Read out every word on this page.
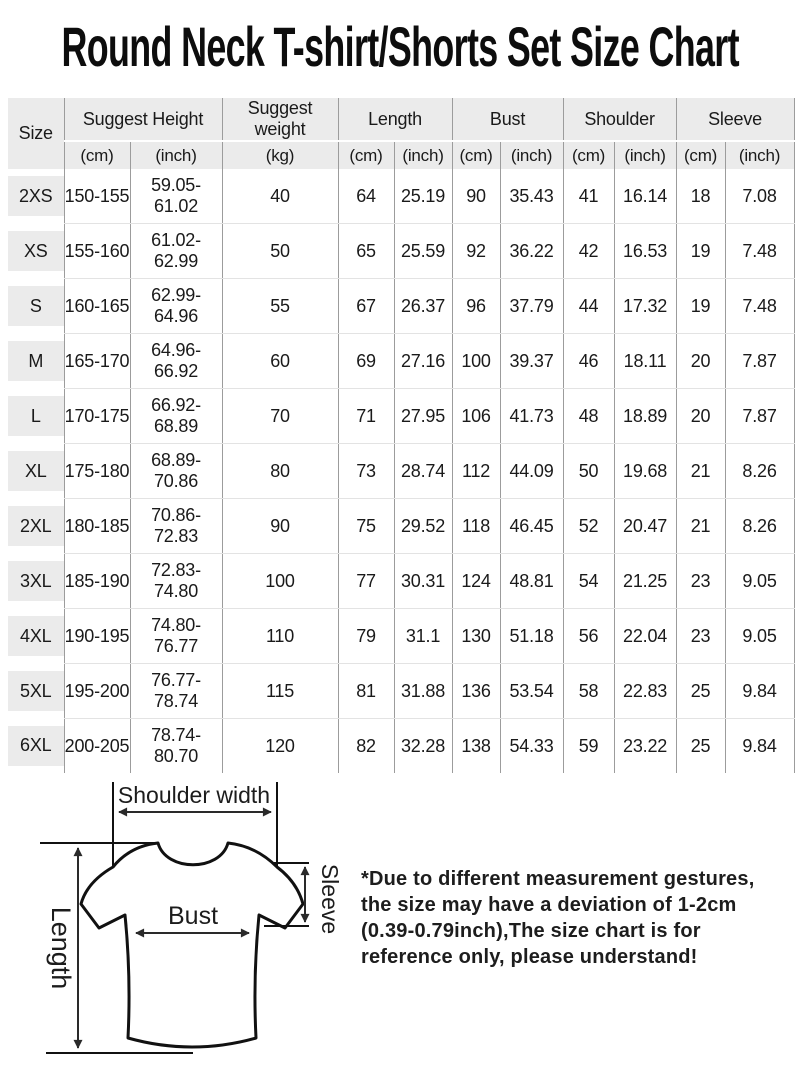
Round Neck T-shirt/Shorts Set Size Chart
Size	Suggest Height		Suggest weight	Length		Bust		Shoulder		Sleeve	
	(cm)	(inch)	(kg)	(cm)	(inch)	(cm)	(inch)	(cm)	(inch)	(cm)	(inch)

2XS	150-155	59.05-61.02	40	64	25.19	90	35.43	41	16.14	18	7.08

XS	155-160	61.02-62.99	50	65	25.59	92	36.22	42	16.53	19	7.48

S	160-165	62.99-64.96	55	67	26.37	96	37.79	44	17.32	19	7.48

M	165-170	64.96-66.92	60	69	27.16	100	39.37	46	18.11	20	7.87

L	170-175	66.92-68.89	70	71	27.95	106	41.73	48	18.89	20	7.87

XL	175-180	68.89-70.86	80	73	28.74	112	44.09	50	19.68	21	8.26

2XL	180-185	70.86-72.83	90	75	29.52	118	46.45	52	20.47	21	8.26

3XL	185-190	72.83-74.80	100	77	30.31	124	48.81	54	21.25	23	9.05

4XL	190-195	74.80-76.77	110	79	31.1	130	51.18	56	22.04	23	9.05

5XL	195-200	76.77-78.74	115	81	31.88	136	53.54	58	22.83	25	9.84

6XL	200-205	78.74-80.70	120	82	32.28	138	54.33	59	23.22	25	9.84
Shoulder width
Length	Bust	Sleeve *Due to different measurement gestures,
the size may have a deviation of 1-2cm
(0.39-0.79inch),The size chart is for
reference only, please understand!
